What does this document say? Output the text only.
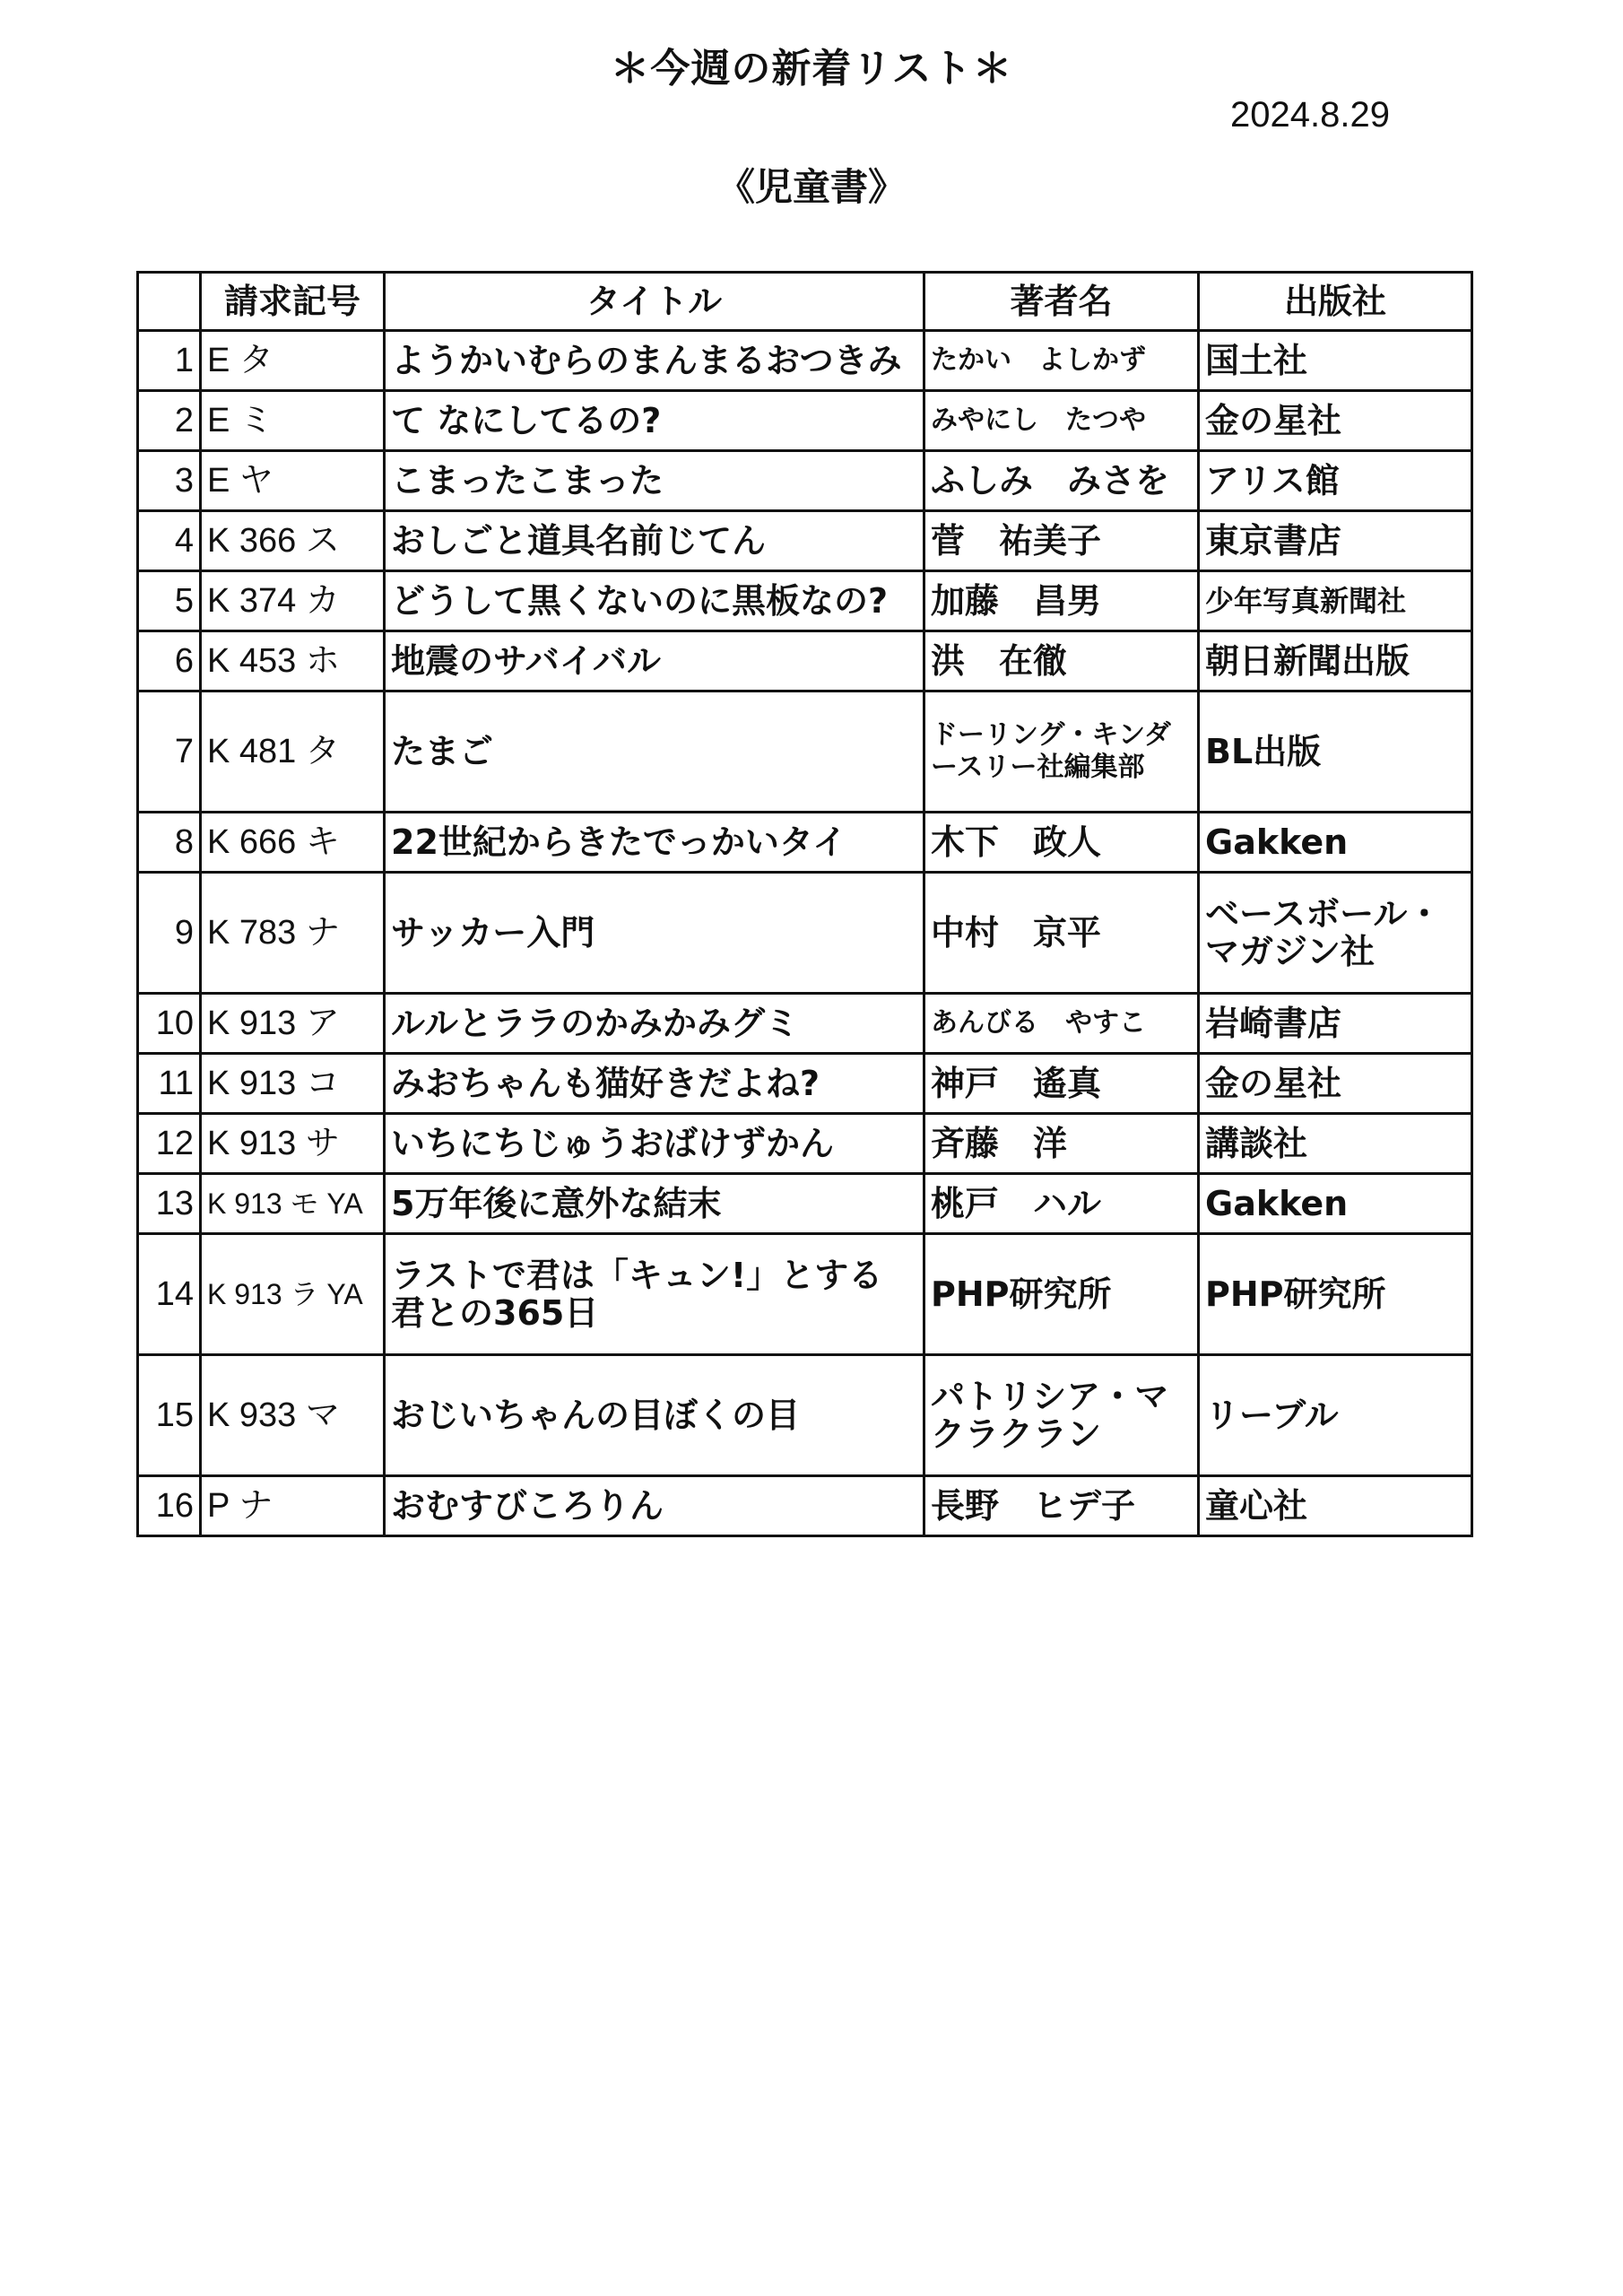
＊今週の新着リスト＊
2024.8.29
《児童書》
	請求記号	タイトル	著者名	出版社
1	E タ	ようかいむらのまんまるおつきみ	たかい　よしかず	国土社
2	E ミ	て なにしてるの?	みやにし　たつや	金の星社
3	E ヤ	こまったこまった	ふしみ　みさを	アリス館
4	K 366 ス	おしごと道具名前じてん	菅　祐美子	東京書店
5	K 374 カ	どうして黒くないのに黒板なの?	加藤　昌男	少年写真新聞社
6	K 453 ホ	地震のサバイバル	洪　在徹	朝日新聞出版
7	K 481 タ	たまご	ドーリング・キンダースリー社編集部	BL出版
8	K 666 キ	22世紀からきたでっかいタイ	木下　政人	Gakken
9	K 783 ナ	サッカー入門	中村　京平	ベースボール・マガジン社
10	K 913 ア	ルルとララのかみかみグミ	あんびる　やすこ	岩崎書店
11	K 913 コ	みおちゃんも猫好きだよね?	神戸　遙真	金の星社
12	K 913 サ	いちにちじゅうおばけずかん	斉藤　洋	講談社
13	K 913 モ YA	5万年後に意外な結末	桃戸　ハル	Gakken
14	K 913 ラ YA	ラストで君は「キュン!」とする 君との365日	PHP研究所	PHP研究所
15	K 933 マ	おじいちゃんの目ぼくの目	パトリシア・マクラクラン	リーブル
16	P ナ	おむすびころりん	長野　ヒデ子	童心社
